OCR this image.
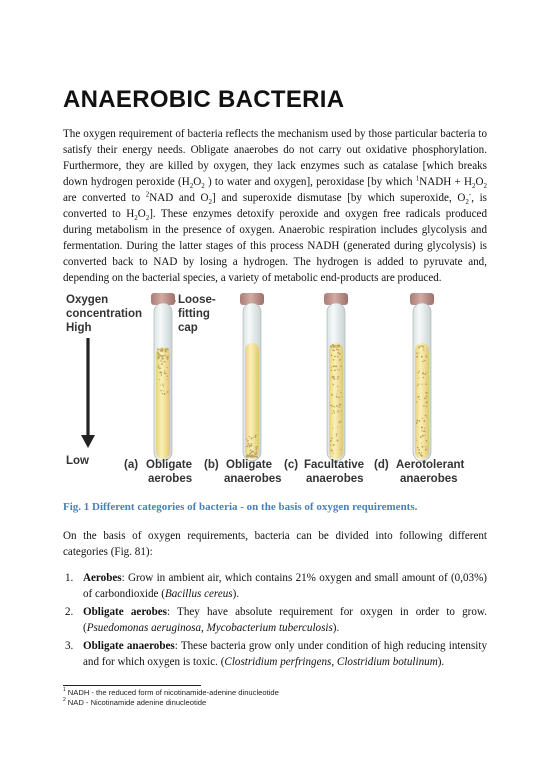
ANAEROBIC BACTERIA

The oxygen requirement of bacteria reflects the mechanism used by those particular bacteria to satisfy their energy needs. Obligate anaerobes do not carry out oxidative phosphorylation. Furthermore, they are killed by oxygen, they lack enzymes such as catalase [which breaks down hydrogen peroxide ($H_2O_2$ ) to water and oxygen], peroxidase [by which $^1$NADH + $H_2O_2$ are converted to $^2$NAD and $O_2$] and superoxide dismutase [by which superoxide, $O_2^-$, is converted to $H_2O_2$]. These enzymes detoxify peroxide and oxygen free radicals produced during metabolism in the presence of oxygen. Anaerobic respiration includes glycolysis and fermentation. During the latter stages of this process NADH (generated during glycolysis) is converted back to NAD by losing a hydrogen. The hydrogen is added to pyruvate and, depending on the bacterial species, a variety of metabolic end-products are produced.

Oxygen
concentration
High
Low
Loose-
fitting
cap
(a) Obligate
aerobes
(b) Obligate
anaerobes
(c) Facultative
anaerobes
(d) Aerotolerant
anaerobes

Fig. 1 Different categories of bacteria - on the basis of oxygen requirements.

On the basis of oxygen requirements, bacteria can be divided into following different categories (Fig. 81):

1. Aerobes: Grow in ambient air, which contains 21% oxygen and small amount of (0,03%) of carbondioxide (Bacillus cereus).
2. Obligate aerobes: They have absolute requirement for oxygen in order to grow. (Psuedomonas aeruginosa, Mycobacterium tuberculosis).
3. Obligate anaerobes: These bacteria grow only under condition of high reducing intensity and for which oxygen is toxic. (Clostridium perfringens, Clostridium botulinum).
$^1$ NADH - the reduced form of nicotinamide-adenine dinucleotide
$^2$ NAD - Nicotinamide adenine dinucleotide
